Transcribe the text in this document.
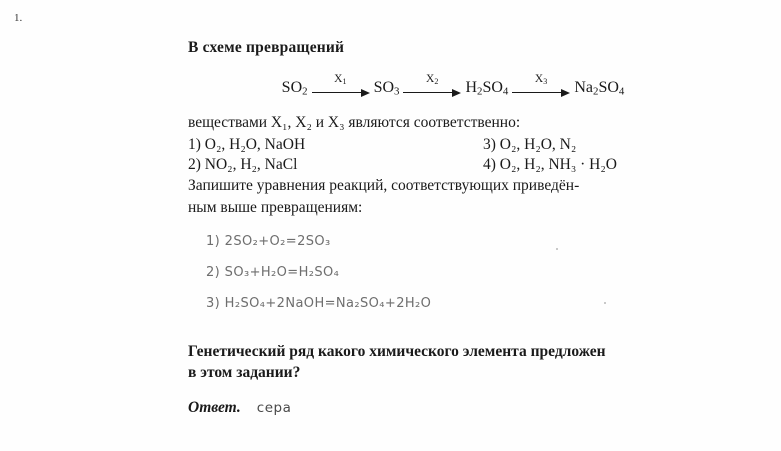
1.
В схеме превращений
$SO_2$
$X_1$ $SO_3$
$X_2$ $H_2SO_4$
$X_3$ $Na_2SO_4$
веществами X₁, X₂ и X₃ являются соответственно:
1) O₂, H₂O, NaOH	3) O₂, H₂O, N₂
2) NO₂, H₂, NaCl	4) O₂, H₂, NH₃ · H₂O
Запишите уравнения реакций, соответствующих приведён-
ным выше превращениям:
1) 2SO₂+O₂=2SO₃
2) SO₃+H₂O=H₂SO₄
3) H₂SO₄+2NaOH=Na₂SO₄+2H₂O
Генетический ряд какого химического элемента предложен
в этом задании?
Ответ. сера
